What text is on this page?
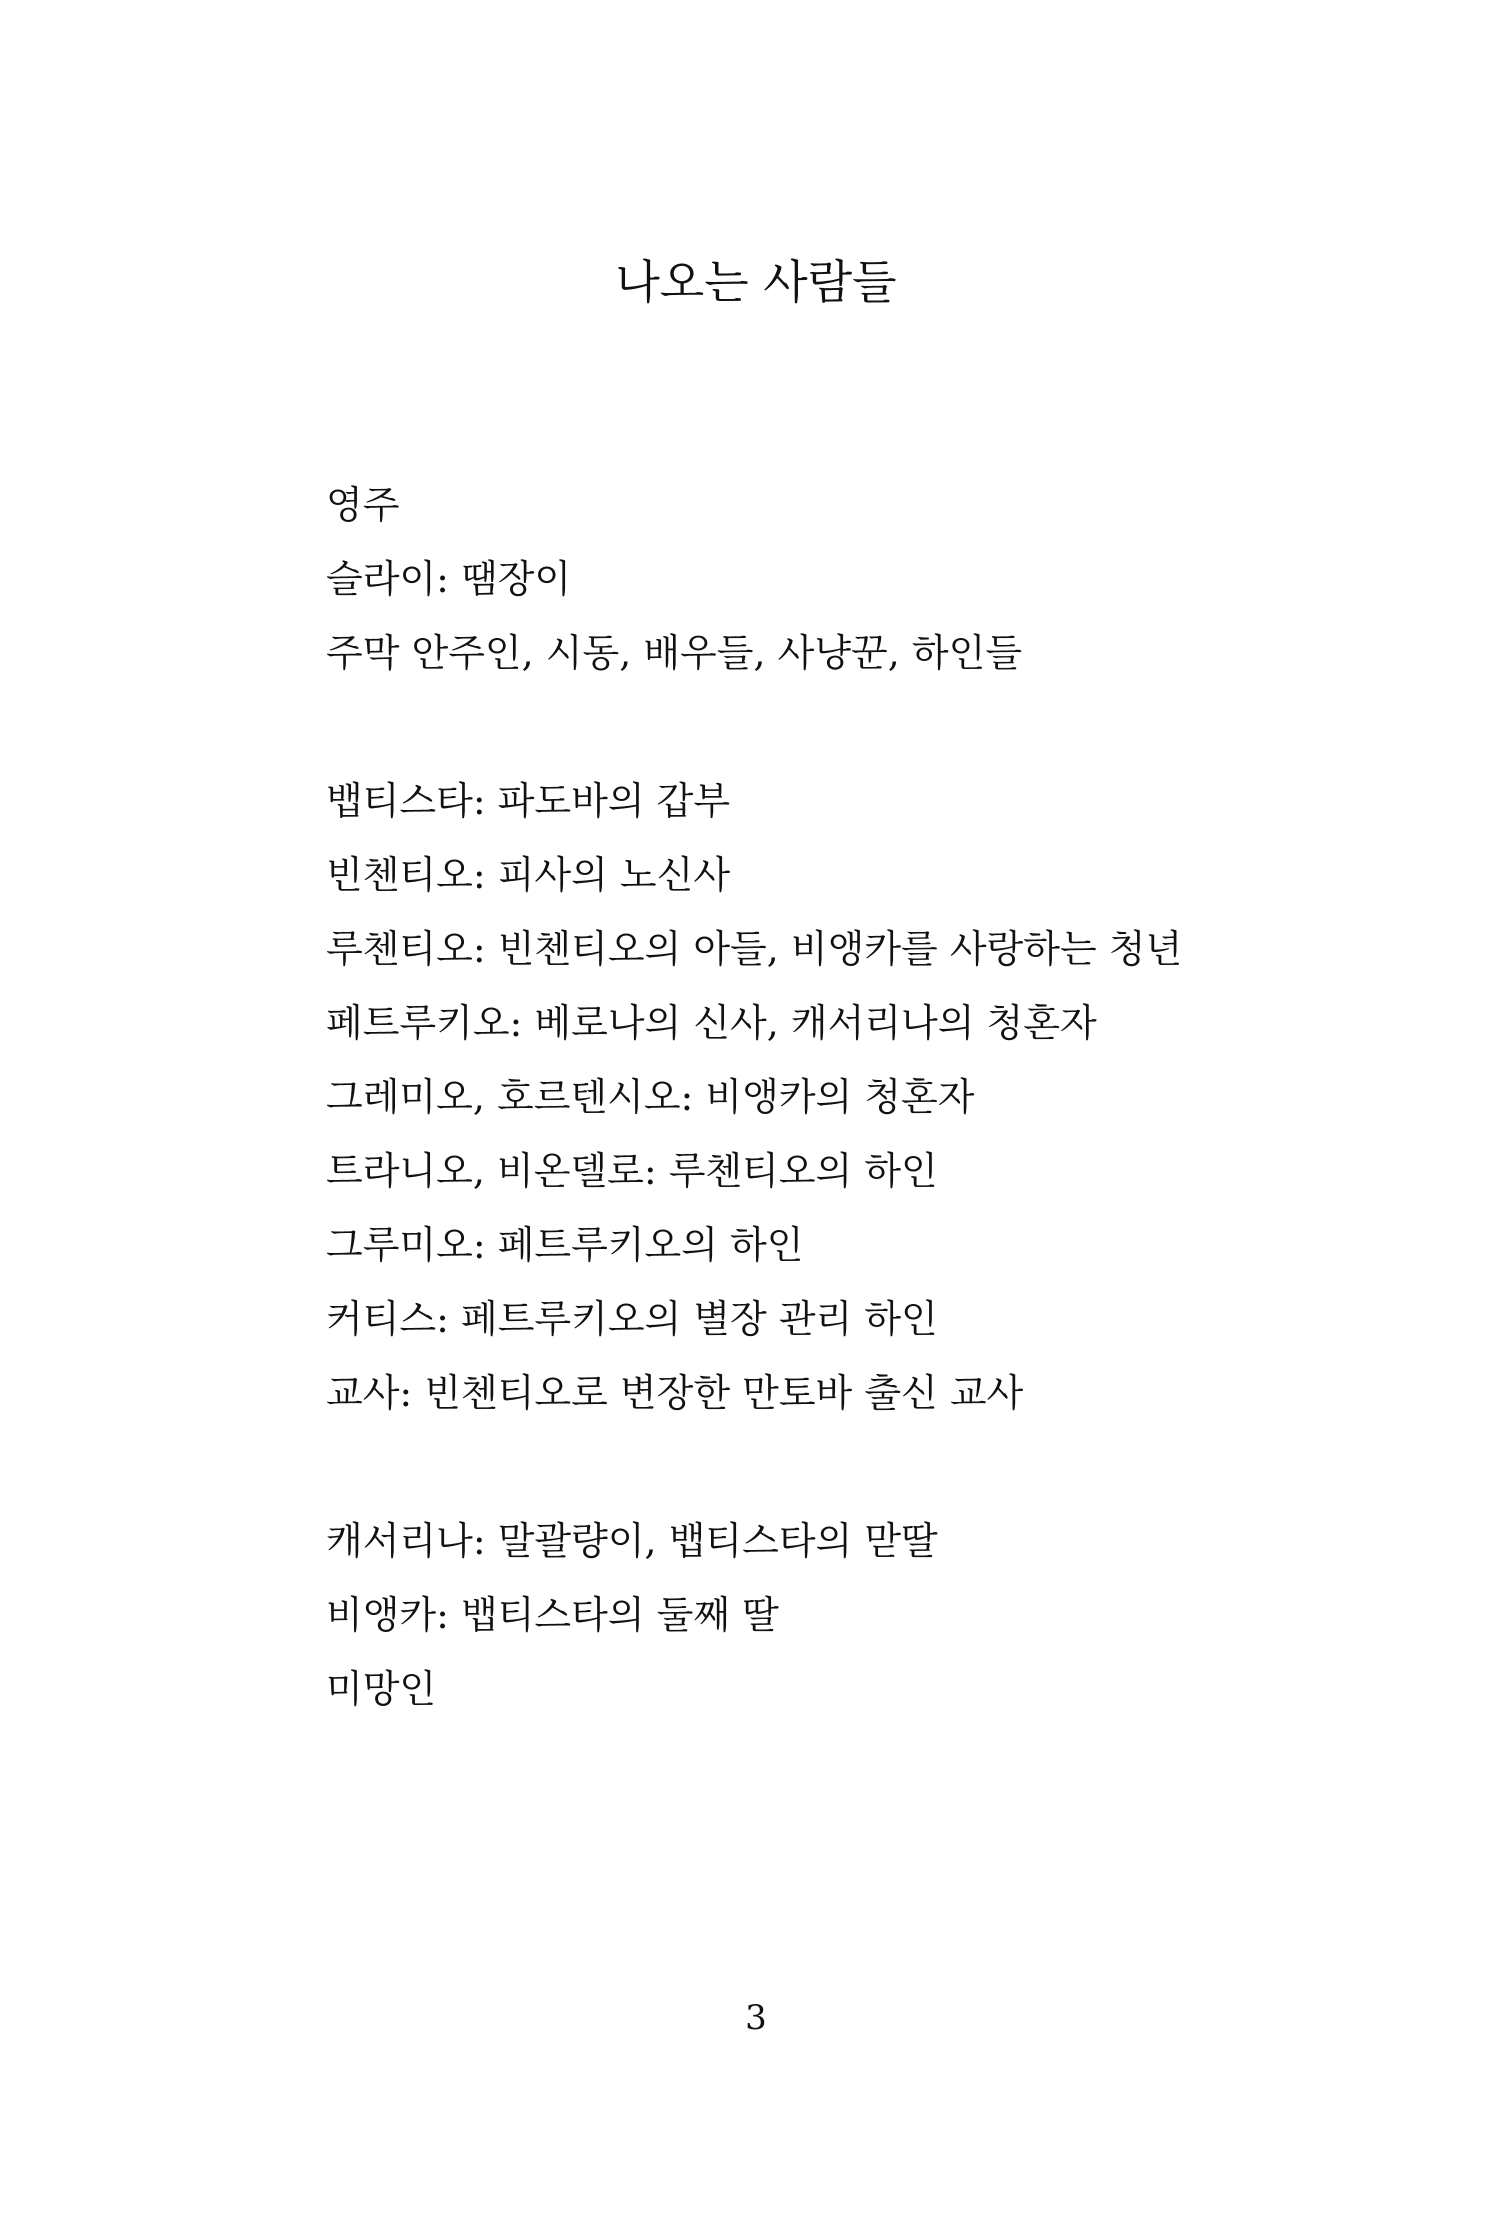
나오는 사람들
영주
슬라이: 땜장이
주막 안주인, 시동, 배우들, 사냥꾼, 하인들
뱁티스타: 파도바의 갑부
빈첸티오: 피사의 노신사
루첸티오: 빈첸티오의 아들, 비앵카를 사랑하는 청년
페트루키오: 베로나의 신사, 캐서리나의 청혼자
그레미오, 호르텐시오: 비앵카의 청혼자
트라니오, 비온델로: 루첸티오의 하인
그루미오: 페트루키오의 하인
커티스: 페트루키오의 별장 관리 하인
교사: 빈첸티오로 변장한 만토바 출신 교사
캐서리나: 말괄량이, 뱁티스타의 맏딸
비앵카: 뱁티스타의 둘째 딸
미망인
3
